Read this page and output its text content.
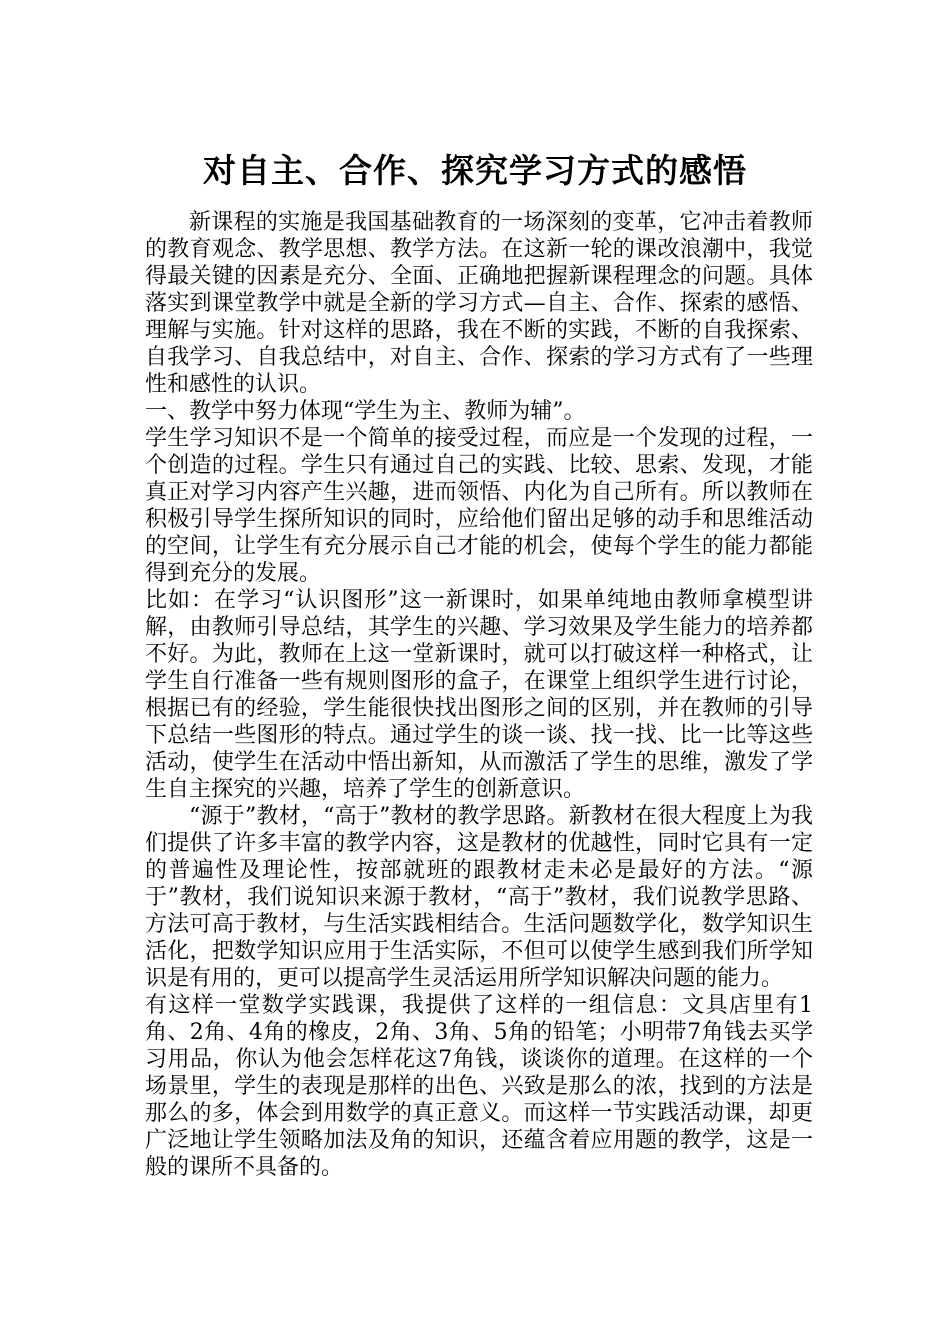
对自主、合作、探究学习方式的感悟

新课程的实施是我国基础教育的一场深刻的变革，它冲击着教师的教育观念、教学思想、教学方法。在这新一轮的课改浪潮中，我觉得最关键的因素是充分、全面、正确地把握新课程理念的问题。具体落实到课堂教学中就是全新的学习方式—自主、合作、探索的感悟、理解与实施。针对这样的思路，我在不断的实践，不断的自我探索、自我学习、自我总结中，对自主、合作、探索的学习方式有了一些理性和感性的认识。

一、教学中努力体现“学生为主、教师为辅”。

学生学习知识不是一个简单的接受过程，而应是一个发现的过程，一个创造的过程。学生只有通过自己的实践、比较、思索、发现，才能真正对学习内容产生兴趣，进而领悟、内化为自己所有。所以教师在积极引导学生探所知识的同时，应给他们留出足够的动手和思维活动的空间，让学生有充分展示自己才能的机会，使每个学生的能力都能得到充分的发展。

比如：在学习“认识图形”这一新课时，如果单纯地由教师拿模型讲解，由教师引导总结，其学生的兴趣、学习效果及学生能力的培养都不好。为此，教师在上这一堂新课时，就可以打破这样一种格式，让学生自行准备一些有规则图形的盒子，在课堂上组织学生进行讨论，根据已有的经验，学生能很快找出图形之间的区别，并在教师的引导下总结一些图形的特点。通过学生的谈一谈、找一找、比一比等这些活动，使学生在活动中悟出新知，从而激活了学生的思维，激发了学生自主探究的兴趣，培养了学生的创新意识。

“源于”教材，“高于”教材的教学思路。新教材在很大程度上为我们提供了许多丰富的教学内容，这是教材的优越性，同时它具有一定的普遍性及理论性，按部就班的跟教材走未必是最好的方法。“源于”教材，我们说知识来源于教材，“高于”教材，我们说教学思路、方法可高于教材，与生活实践相结合。生活问题数学化，数学知识生活化，把数学知识应用于生活实际，不但可以使学生感到我们所学知识是有用的，更可以提高学生灵活运用所学知识解决问题的能力。

有这样一堂数学实践课，我提供了这样的一组信息：文具店里有1角、2角、4角的橡皮，2角、3角、5角的铅笔；小明带7角钱去买学习用品，你认为他会怎样花这7角钱，谈谈你的道理。在这样的一个场景里，学生的表现是那样的出色、兴致是那么的浓，找到的方法是那么的多，体会到用数学的真正意义。而这样一节实践活动课，却更广泛地让学生领略加法及角的知识，还蕴含着应用题的教学，这是一般的课所不具备的。
